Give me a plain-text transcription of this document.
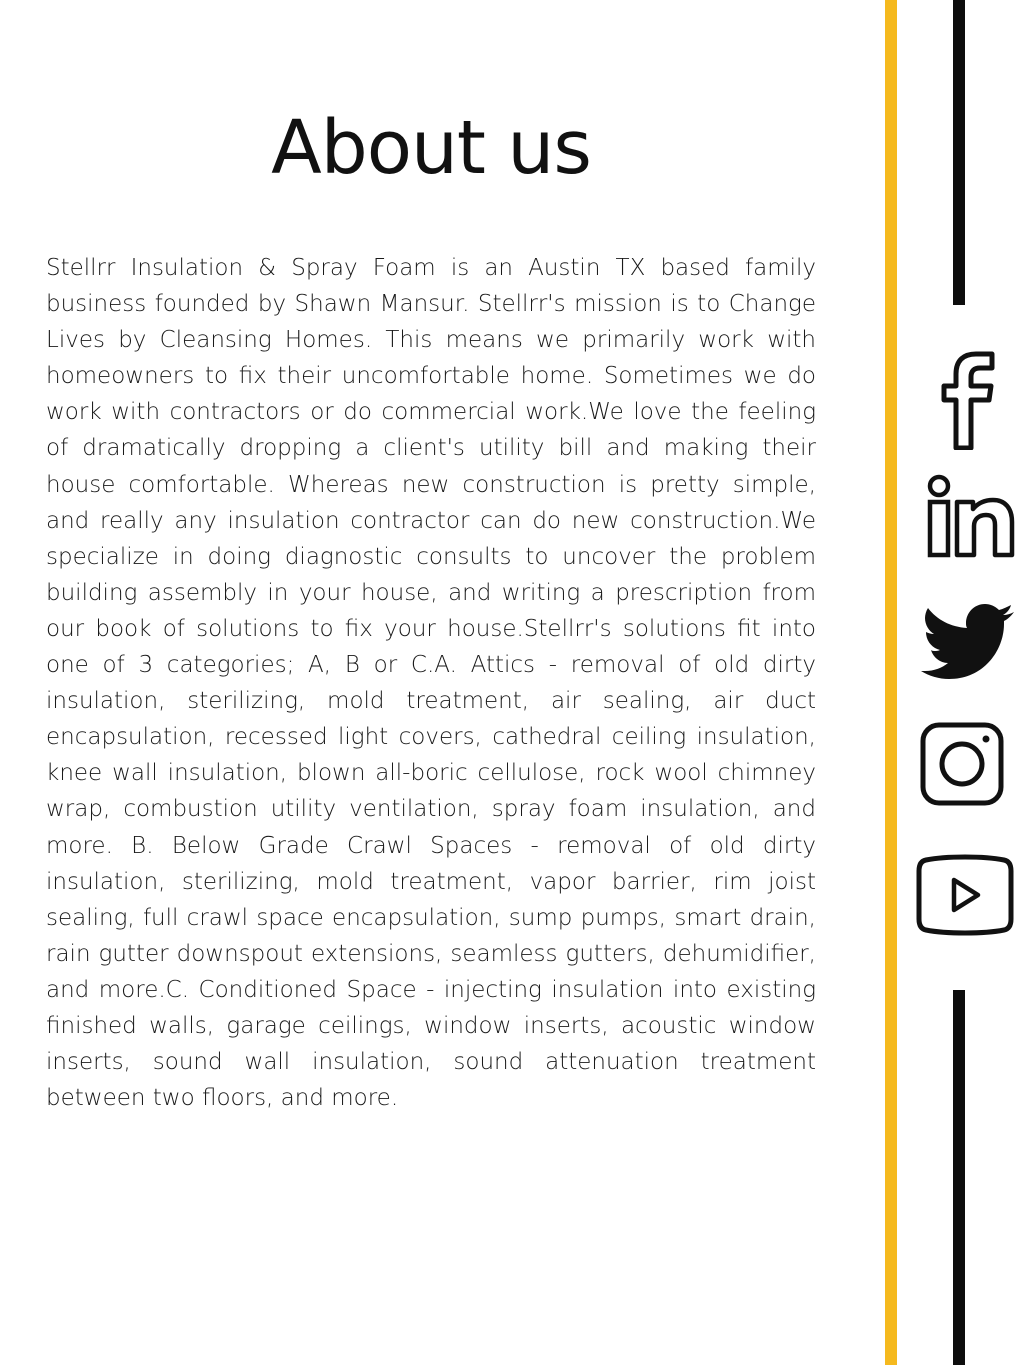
About us

Stellrr Insulation & Spray Foam is an Austin TX based family business founded by Shawn Mansur. Stellrr's mission is to Change Lives by Cleansing Homes. This means we primarily work with homeowners to fix their uncomfortable home. Sometimes we do work with contractors or do commercial work.We love the feeling of dramatically dropping a client's utility bill and making their house comfortable. Whereas new construction is pretty simple, and really any insulation contractor can do new construction.We specialize in doing diagnostic consults to uncover the problem building assembly in your house, and writing a prescription from our book of solutions to fix your house.Stellrr's solutions fit into one of 3 categories; A, B or C.A. Attics - removal of old dirty insulation, sterilizing, mold treatment, air sealing, air duct encapsulation, recessed light covers, cathedral ceiling insulation, knee wall insulation, blown all-boric cellulose, rock wool chimney wrap, combustion utility ventilation, spray foam insulation, and more. B. Below Grade Crawl Spaces - removal of old dirty insulation, sterilizing, mold treatment, vapor barrier, rim joist sealing, full crawl space encapsulation, sump pumps, smart drain, rain gutter downspout extensions, seamless gutters, dehumidifier, and more.C. Conditioned Space - injecting insulation into existing finished walls, garage ceilings, window inserts, acoustic window inserts, sound wall insulation, sound attenuation treatment between two floors, and more.
